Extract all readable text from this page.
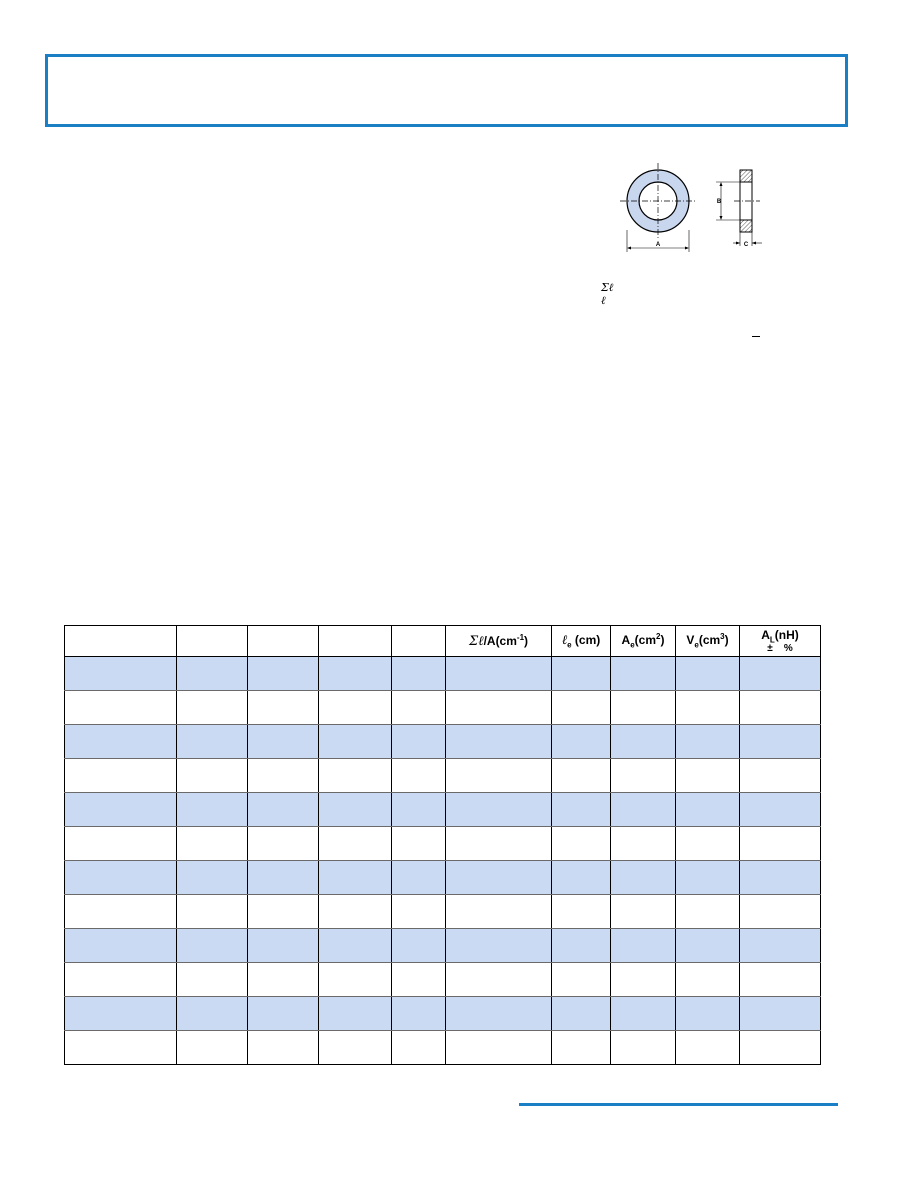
A
B
C
Σℓ
ℓ
					$\Sigma\ell/A(cm^{-1})$	ℓ$_e$ (cm)	$A_e(cm^2)$	$V_e(cm^3)$	$A_L(nH)$
± %
